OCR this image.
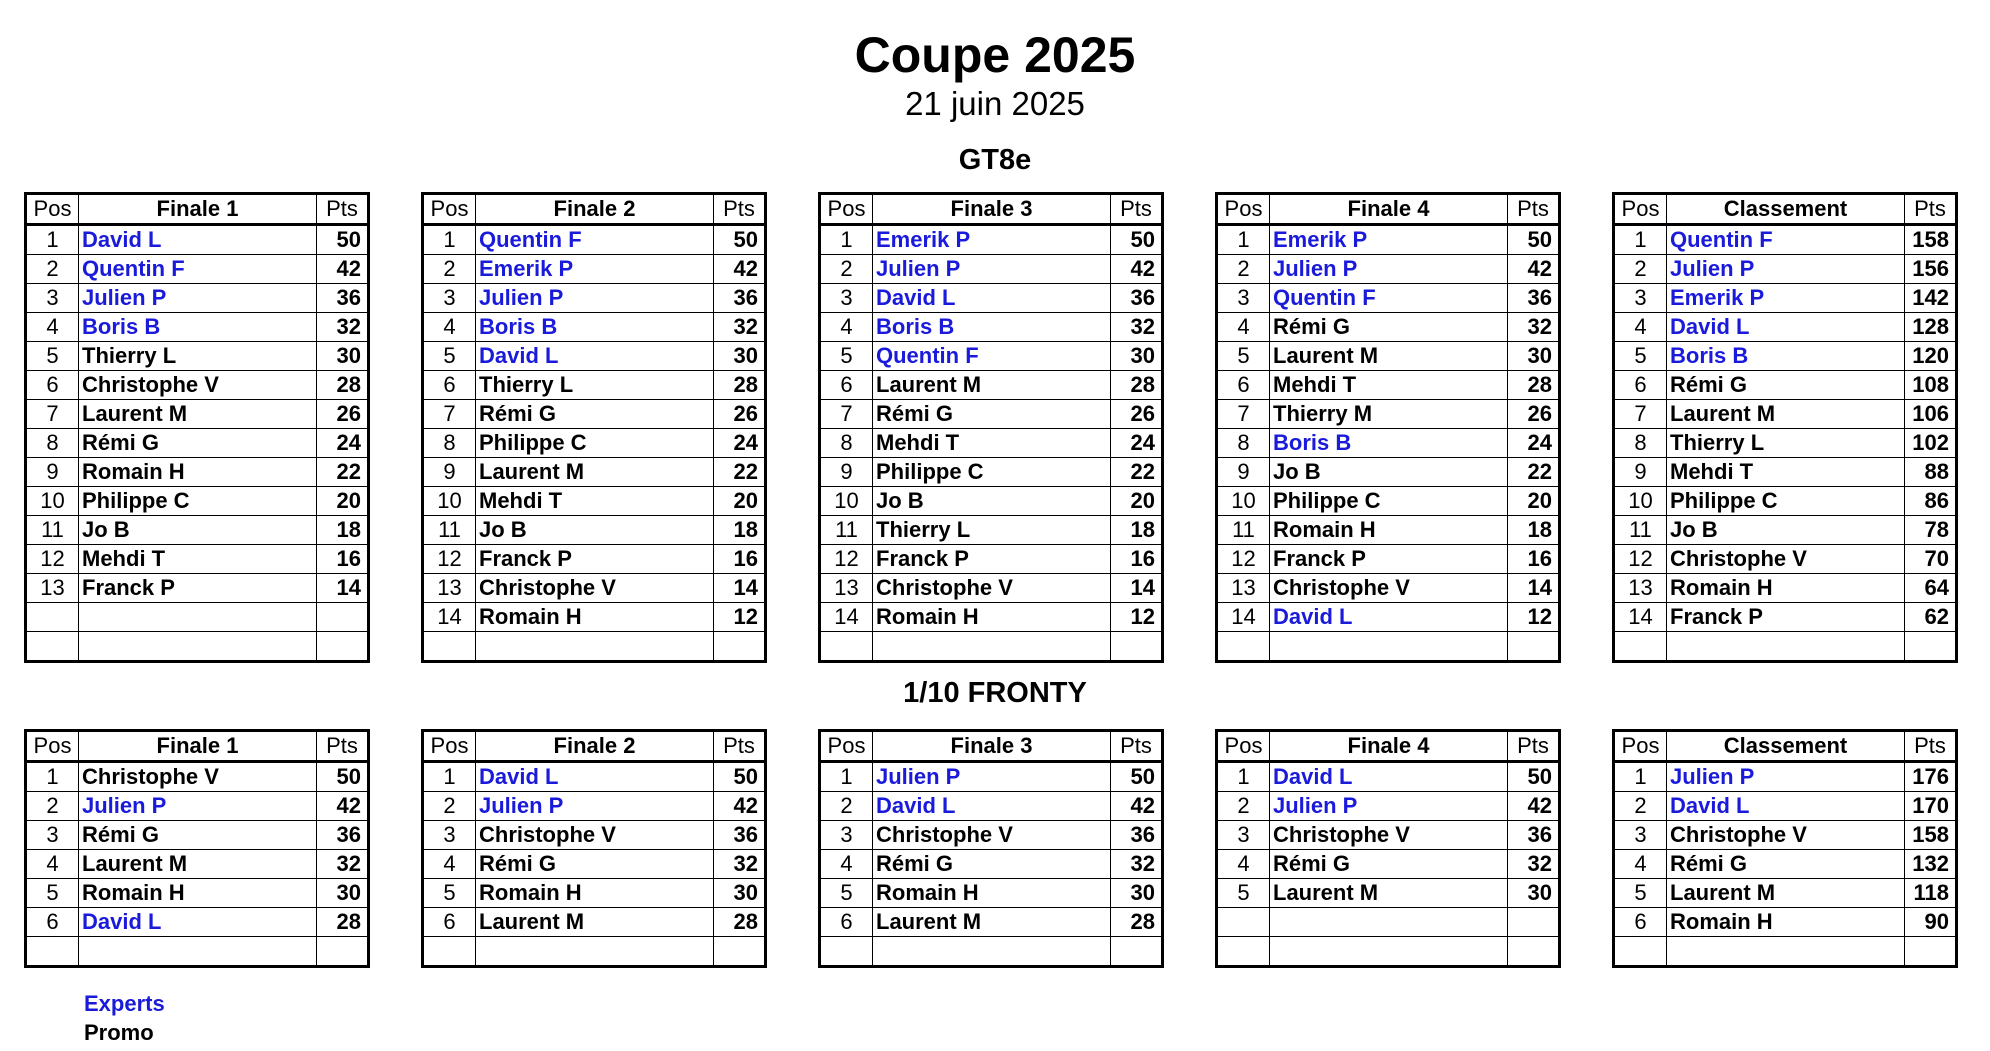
Coupe 2025
21 juin 2025
GT8e
Pos	Finale 1	Pts
1	David L	50
2	Quentin F	42
3	Julien P	36
4	Boris B	32
5	Thierry L	30
6	Christophe V	28
7	Laurent M	26
8	Rémi G	24
9	Romain H	22
10	Philippe C	20
11	Jo B	18
12	Mehdi T	16
13	Franck P	14

Pos	Finale 2	Pts
1	Quentin F	50
2	Emerik P	42
3	Julien P	36
4	Boris B	32
5	David L	30
6	Thierry L	28
7	Rémi G	26
8	Philippe C	24
9	Laurent M	22
10	Mehdi T	20
11	Jo B	18
12	Franck P	16
13	Christophe V	14
14	Romain H	12

Pos	Finale 3	Pts
1	Emerik P	50
2	Julien P	42
3	David L	36
4	Boris B	32
5	Quentin F	30
6	Laurent M	28
7	Rémi G	26
8	Mehdi T	24
9	Philippe C	22
10	Jo B	20
11	Thierry L	18
12	Franck P	16
13	Christophe V	14
14	Romain H	12

Pos	Finale 4	Pts
1	Emerik P	50
2	Julien P	42
3	Quentin F	36
4	Rémi G	32
5	Laurent M	30
6	Mehdi T	28
7	Thierry M	26
8	Boris B	24
9	Jo B	22
10	Philippe C	20
11	Romain H	18
12	Franck P	16
13	Christophe V	14
14	David L	12

Pos	Classement	Pts
1	Quentin F	158
2	Julien P	156
3	Emerik P	142
4	David L	128
5	Boris B	120
6	Rémi G	108
7	Laurent M	106
8	Thierry L	102
9	Mehdi T	88
10	Philippe C	86
11	Jo B	78
12	Christophe V	70
13	Romain H	64
14	Franck P	62

1/10 FRONTY
Pos	Finale 1	Pts
1	Christophe V	50
2	Julien P	42
3	Rémi G	36
4	Laurent M	32
5	Romain H	30
6	David L	28

Pos	Finale 2	Pts
1	David L	50
2	Julien P	42
3	Christophe V	36
4	Rémi G	32
5	Romain H	30
6	Laurent M	28

Pos	Finale 3	Pts
1	Julien P	50
2	David L	42
3	Christophe V	36
4	Rémi G	32
5	Romain H	30
6	Laurent M	28

Pos	Finale 4	Pts
1	David L	50
2	Julien P	42
3	Christophe V	36
4	Rémi G	32
5	Laurent M	30

Pos	Classement	Pts
1	Julien P	176
2	David L	170
3	Christophe V	158
4	Rémi G	132
5	Laurent M	118
6	Romain H	90

Experts
Promo
